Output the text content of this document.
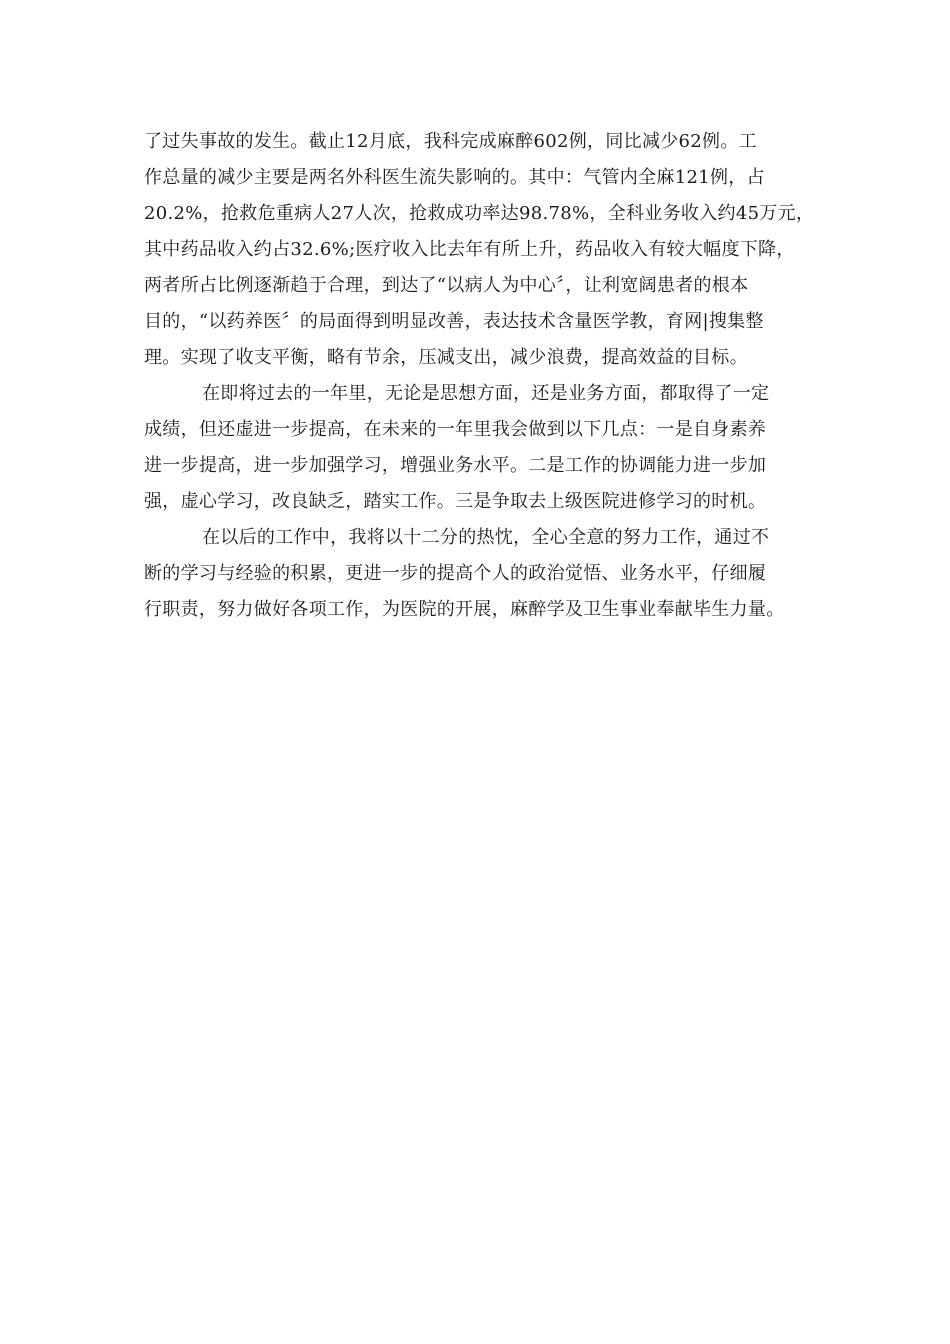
了过失事故的发生。截止12月底，我科完成麻醉602例，同比减少62例。工
作总量的减少主要是两名外科医生流失影响的。其中：气管内全麻121例，占
20.2%，抢救危重病人27人次，抢救成功率达98.78%，全科业务收入约45万元，
其中药品收入约占32.6%;医疗收入比去年有所上升，药品收入有较大幅度下降，
两者所占比例逐渐趋于合理，到达了“以病人为中心〞，让利宽阔患者的根本
目的，“以药养医〞的局面得到明显改善，表达技术含量医学教，育网|搜集整
理。实现了收支平衡，略有节余，压减支出，减少浪费，提高效益的目标。
在即将过去的一年里，无论是思想方面，还是业务方面，都取得了一定
成绩，但还虚进一步提高，在未来的一年里我会做到以下几点：一是自身素养
进一步提高，进一步加强学习，增强业务水平。二是工作的协调能力进一步加
强，虚心学习，改良缺乏，踏实工作。三是争取去上级医院进修学习的时机。
在以后的工作中，我将以十二分的热忱，全心全意的努力工作，通过不
断的学习与经验的积累，更进一步的提高个人的政治觉悟、业务水平，仔细履
行职责，努力做好各项工作，为医院的开展，麻醉学及卫生事业奉献毕生力量。
